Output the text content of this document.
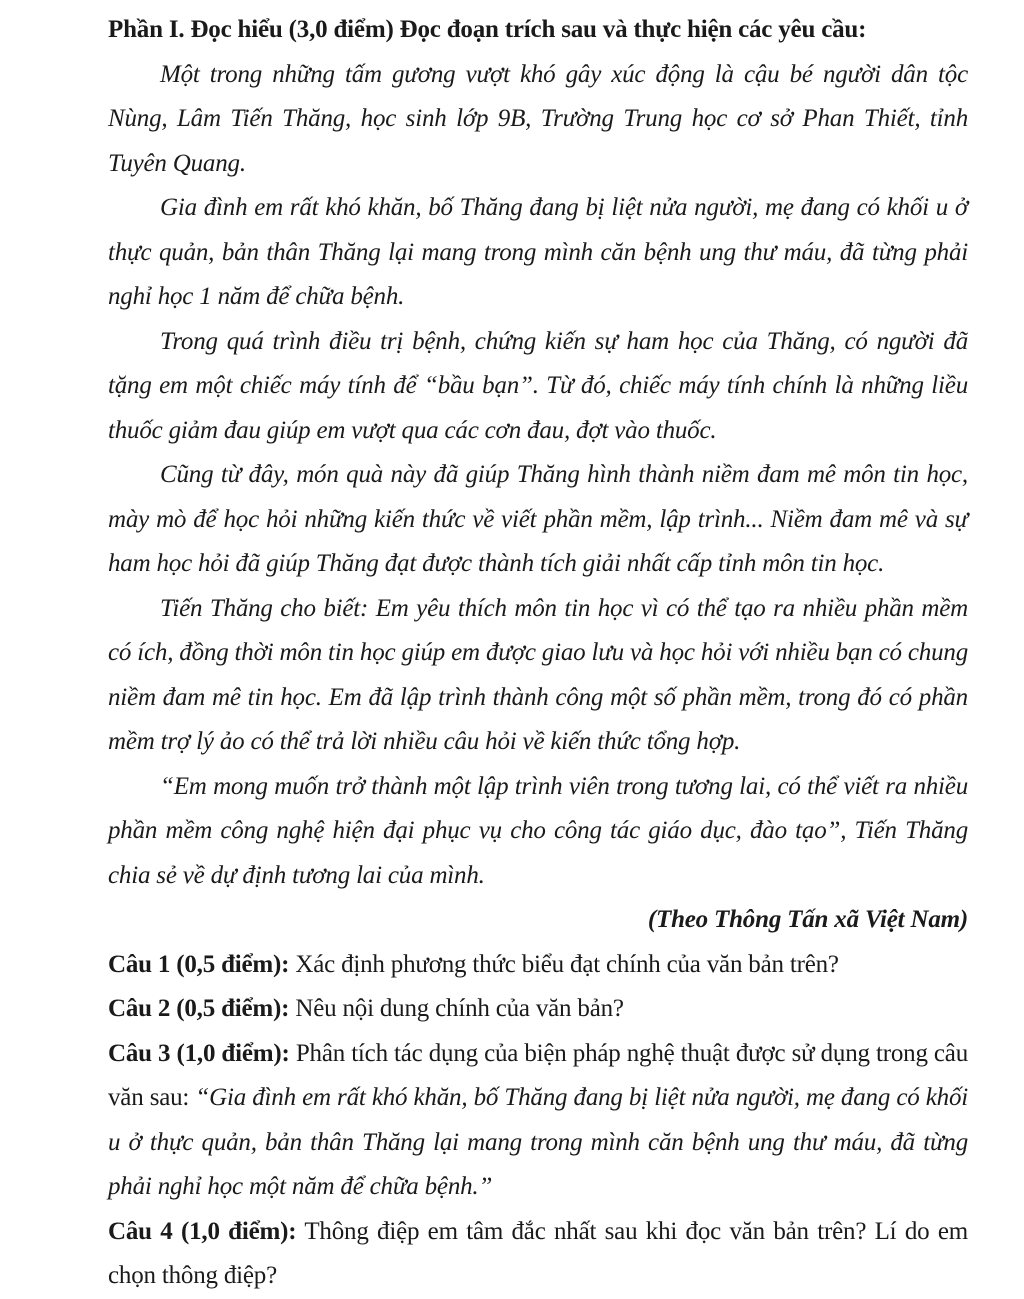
Phần I. Đọc hiểu (3,0 điểm) Đọc đoạn trích sau và thực hiện các yêu cầu:

Một trong những tấm gương vượt khó gây xúc động là cậu bé người dân tộc Nùng, Lâm Tiến Thăng, học sinh lớp 9B, Trường Trung học cơ sở Phan Thiết, tỉnh Tuyên Quang.

Gia đình em rất khó khăn, bố Thăng đang bị liệt nửa người, mẹ đang có khối u ở thực quản, bản thân Thăng lại mang trong mình căn bệnh ung thư máu, đã từng phải nghỉ học 1 năm để chữa bệnh.

Trong quá trình điều trị bệnh, chứng kiến sự ham học của Thăng, có người đã tặng em một chiếc máy tính để “bầu bạn”. Từ đó, chiếc máy tính chính là những liều thuốc giảm đau giúp em vượt qua các cơn đau, đợt vào thuốc.

Cũng từ đây, món quà này đã giúp Thăng hình thành niềm đam mê môn tin học, mày mò để học hỏi những kiến thức về viết phần mềm, lập trình... Niềm đam mê và sự ham học hỏi đã giúp Thăng đạt được thành tích giải nhất cấp tỉnh môn tin học.

Tiến Thăng cho biết: Em yêu thích môn tin học vì có thể tạo ra nhiều phần mềm có ích, đồng thời môn tin học giúp em được giao lưu và học hỏi với nhiều bạn có chung niềm đam mê tin học. Em đã lập trình thành công một số phần mềm, trong đó có phần mềm trợ lý ảo có thể trả lời nhiều câu hỏi về kiến thức tổng hợp.

“Em mong muốn trở thành một lập trình viên trong tương lai, có thể viết ra nhiều phần mềm công nghệ hiện đại phục vụ cho công tác giáo dục, đào tạo”, Tiến Thăng chia sẻ về dự định tương lai của mình.

(Theo Thông Tấn xã Việt Nam)

Câu 1 (0,5 điểm): Xác định phương thức biểu đạt chính của văn bản trên?

Câu 2 (0,5 điểm): Nêu nội dung chính của văn bản?

Câu 3 (1,0 điểm): Phân tích tác dụng của biện pháp nghệ thuật được sử dụng trong câu văn sau: “Gia đình em rất khó khăn, bố Thăng đang bị liệt nửa người, mẹ đang có khối u ở thực quản, bản thân Thăng lại mang trong mình căn bệnh ung thư máu, đã từng phải nghỉ học một năm để chữa bệnh.”

Câu 4 (1,0 điểm): Thông điệp em tâm đắc nhất sau khi đọc văn bản trên? Lí do em chọn thông điệp?
